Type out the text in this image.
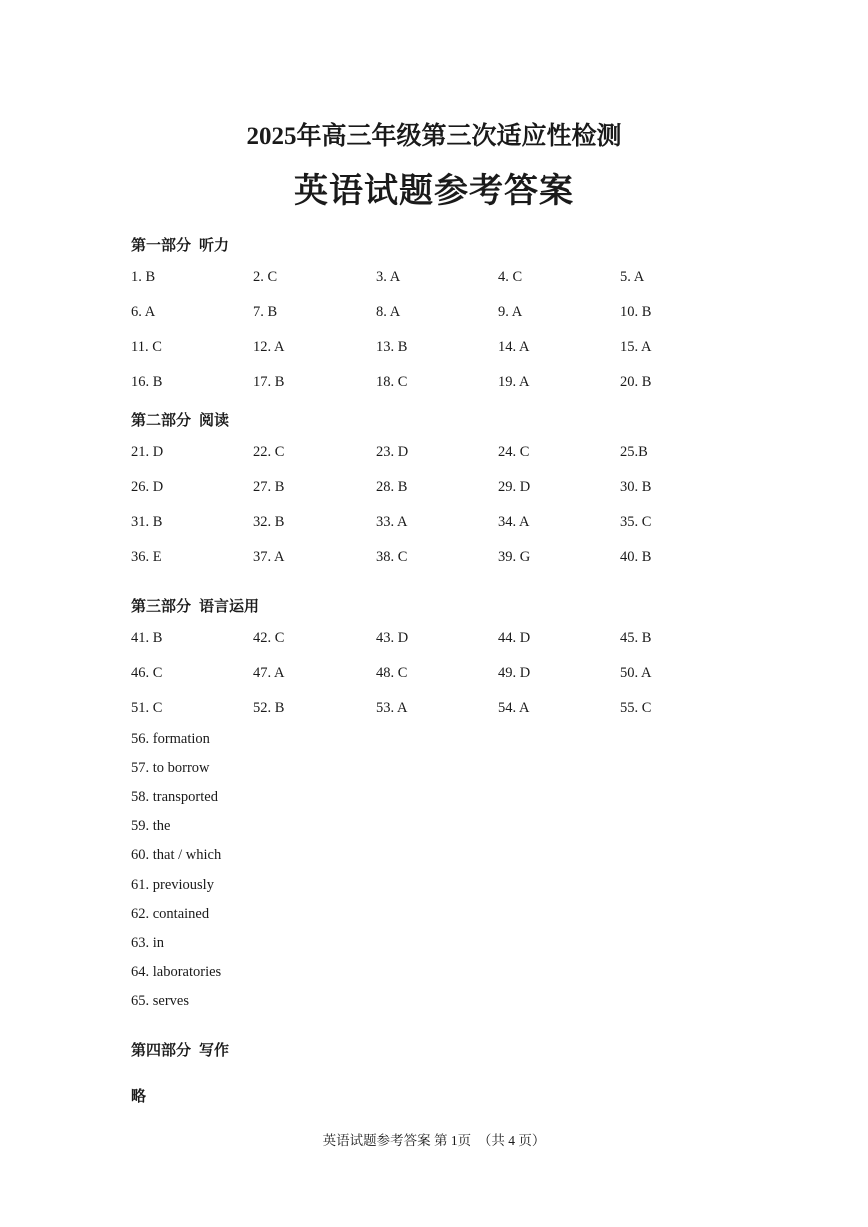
2025年高三年级第三次适应性检测
英语试题参考答案
第一部分 听力
1. B	2. C	3. A	4. C	5. A
6. A	7. B	8. A	9. A	10. B
11. C	12. A	13. B	14. A	15. A
16. B	17. B	18. C	19. A	20. B
第二部分 阅读
21. D	22. C	23. D	24. C	25.B
26. D	27. B	28. B	29. D	30. B
31. B	32. B	33. A	34. A	35. C
36. E	37. A	38. C	39. G	40. B
第三部分 语言运用
41. B	42. C	43. D	44. D	45. B
46. C	47. A	48. C	49. D	50. A
51. C	52. B	53. A	54. A	55. C
56. formation
57. to borrow
58. transported
59. the
60. that / which
61. previously
62. contained
63. in
64. laboratories
65. serves
第四部分 写作
略
英语试题参考答案 第 1页  （共 4 页）
